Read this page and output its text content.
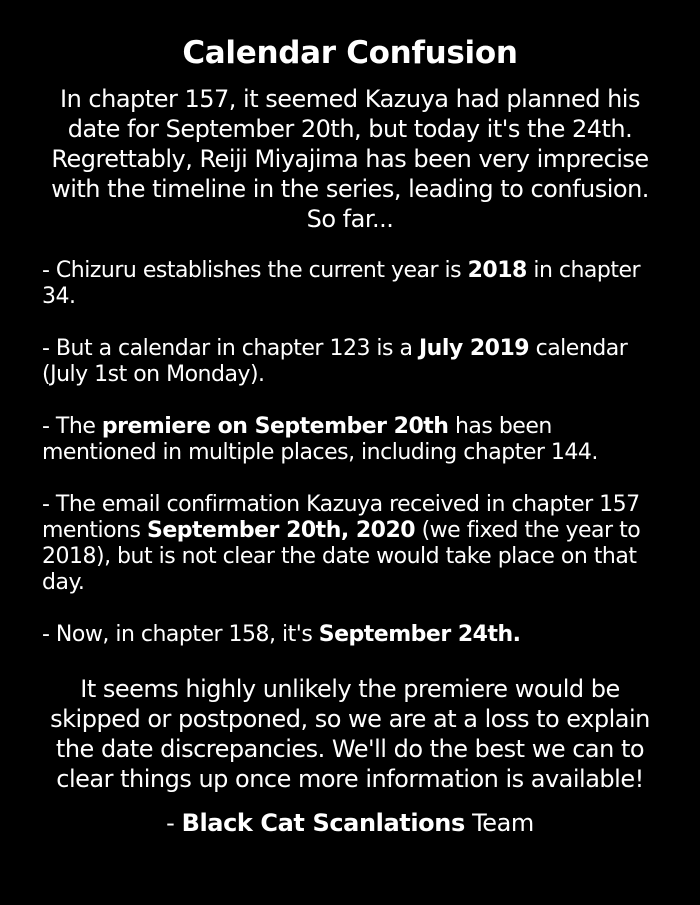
Calendar Confusion

In chapter 157, it seemed Kazuya had planned his date for September 20th, but today it's the 24th. Regrettably, Reiji Miyajima has been very imprecise with the timeline in the series, leading to confusion. So far...

- Chizuru establishes the current year is 2018 in chapter 34.

- But a calendar in chapter 123 is a July 2019 calendar (July 1st on Monday).

- The premiere on September 20th has been mentioned in multiple places, including chapter 144.

- The email confirmation Kazuya received in chapter 157 mentions September 20th, 2020 (we fixed the year to 2018), but is not clear the date would take place on that day.

- Now, in chapter 158, it's September 24th.

It seems highly unlikely the premiere would be skipped or postponed, so we are at a loss to explain the date discrepancies. We'll do the best we can to clear things up once more information is available!

- Black Cat Scanlations Team
